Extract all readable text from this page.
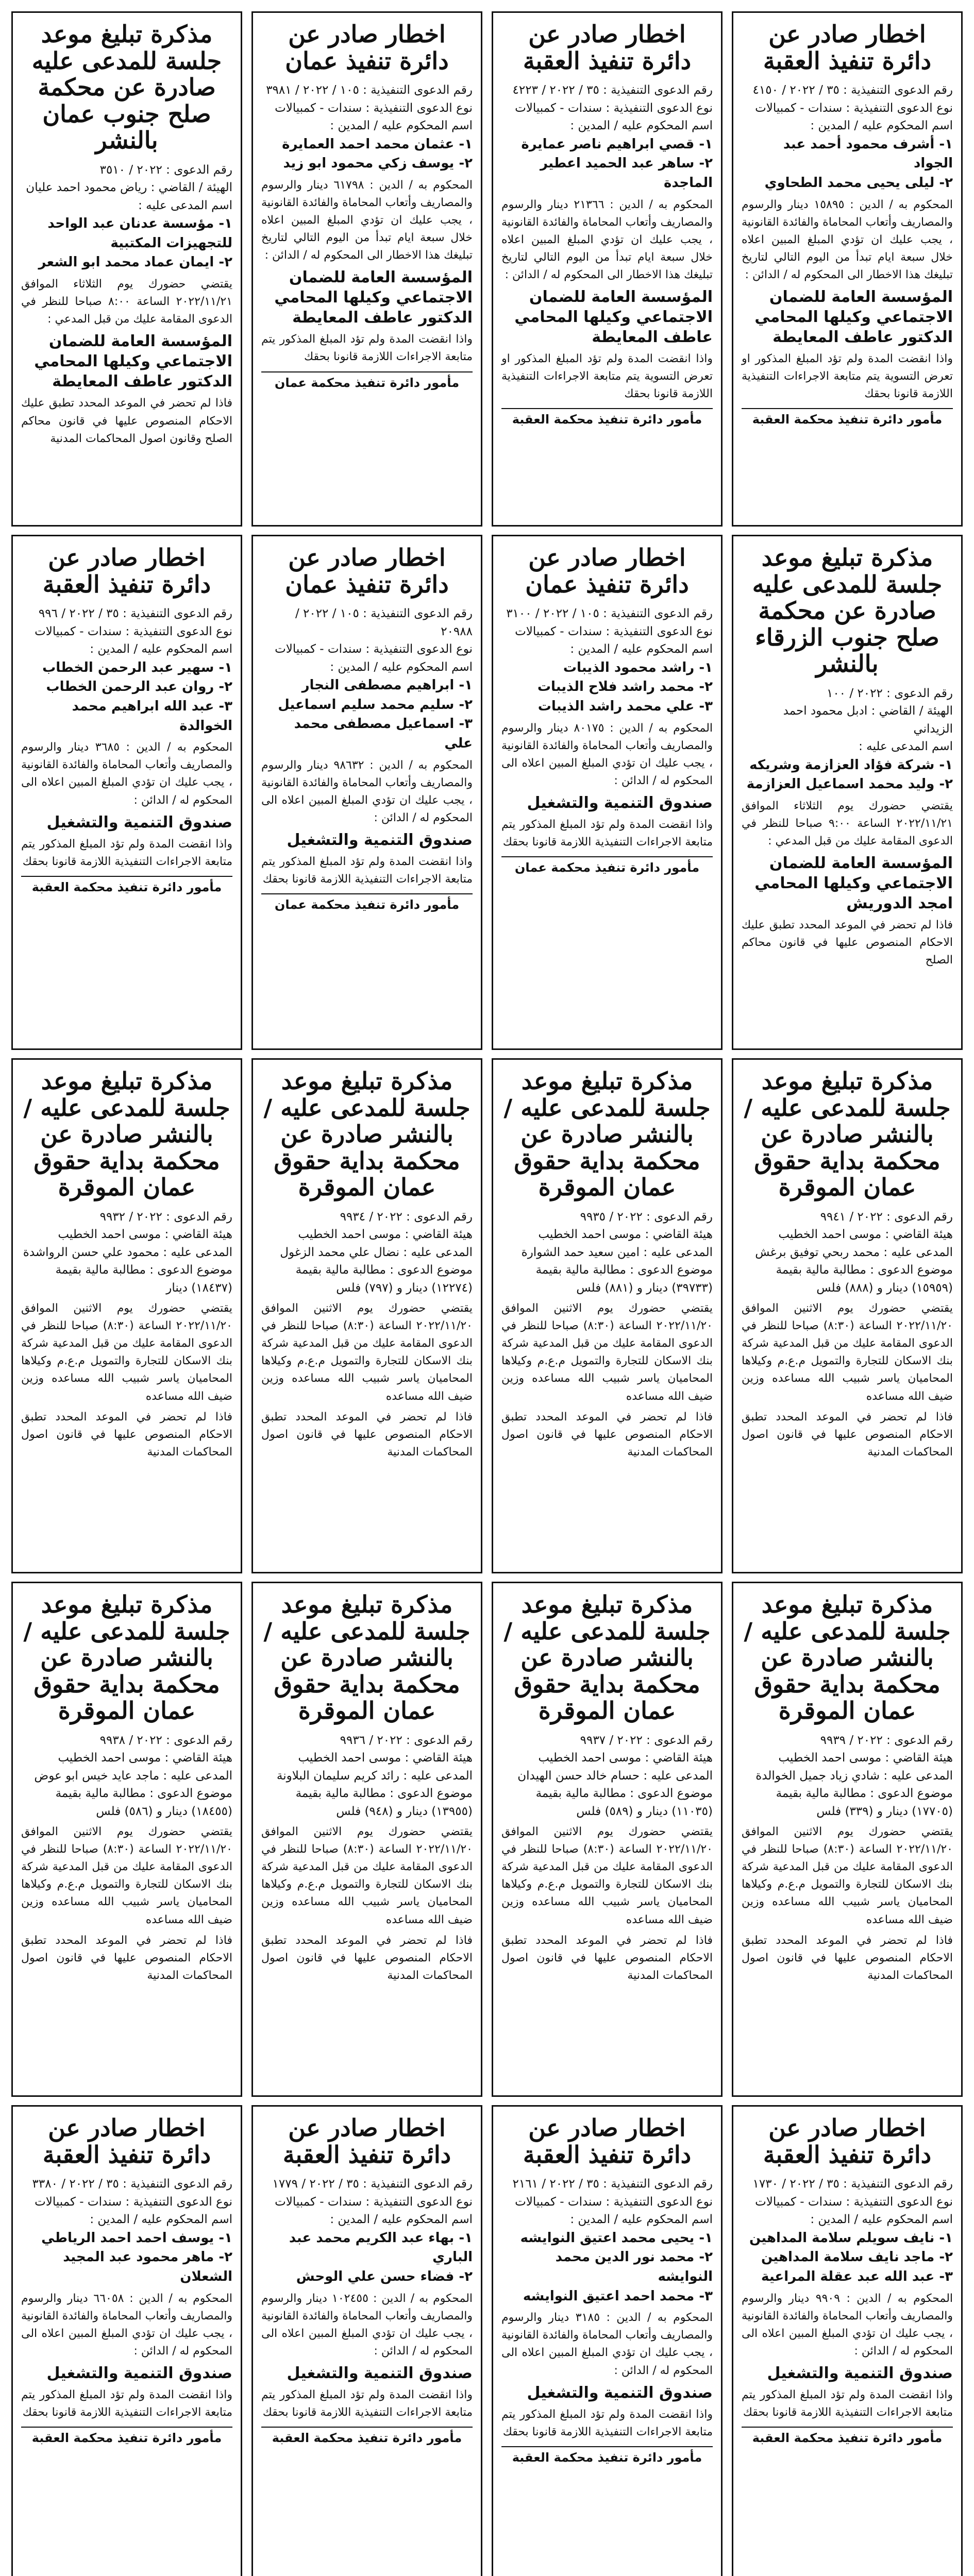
اخطار صادر عن دائرة تنفيذ العقبة
رقم الدعوى التنفيذية : ٣٥ / ٢٠٢٢ / ٤١٥٠
نوع الدعوى التنفيذية : سندات - كمبيالات
اسم المحكوم عليه / المدين :
١- أشرف محمود أحمد عبد الجواد
٢- ليلى يحيى محمد الطحاوي
المحكوم به / الدين : ١٥٨٩٥ دينار والرسوم والمصاريف وأتعاب المحاماة والفائدة القانونية ، يجب عليك ان تؤدي المبلغ المبين اعلاه خلال سبعة ايام تبدأ من اليوم التالي لتاريخ تبليغك هذا الاخطار الى المحكوم له / الدائن :
المؤسسة العامة للضمان الاجتماعي وكيلها المحامي الدكتور عاطف المعايطة
واذا انقضت المدة ولم تؤد المبلغ المذكور او تعرض التسوية يتم متابعة الاجراءات التنفيذية اللازمة قانونا بحقك
مأمور دائرة تنفيذ محكمة العقبة
اخطار صادر عن دائرة تنفيذ العقبة
رقم الدعوى التنفيذية : ٣٥ / ٢٠٢٢ / ٤٢٢٣
نوع الدعوى التنفيذية : سندات - كمبيالات
اسم المحكوم عليه / المدين :
١- قصي ابراهيم ناصر عمايرة
٢- ساهر عبد الحميد اعطير الماجدة
المحكوم به / الدين : ٢١٣٦٦ دينار والرسوم والمصاريف وأتعاب المحاماة والفائدة القانونية ، يجب عليك ان تؤدي المبلغ المبين اعلاه خلال سبعة ايام تبدأ من اليوم التالي لتاريخ تبليغك هذا الاخطار الى المحكوم له / الدائن :
المؤسسة العامة للضمان الاجتماعي وكيلها المحامي عاطف المعايطة
واذا انقضت المدة ولم تؤد المبلغ المذكور او تعرض التسوية يتم متابعة الاجراءات التنفيذية اللازمة قانونا بحقك
مأمور دائرة تنفيذ محكمة العقبة
اخطار صادر عن دائرة تنفيذ عمان
رقم الدعوى التنفيذية : ١٠٥ / ٢٠٢٢ / ٣٩٨١
نوع الدعوى التنفيذية : سندات - كمبيالات
اسم المحكوم عليه / المدين :
١- عثمان محمد احمد العمايرة
٢- يوسف زكي محمود ابو زيد
المحكوم به / الدين : ٦١٧٩٨ دينار والرسوم والمصاريف وأتعاب المحاماة والفائدة القانونية ، يجب عليك ان تؤدي المبلغ المبين اعلاه خلال سبعة ايام تبدأ من اليوم التالي لتاريخ تبليغك هذا الاخطار الى المحكوم له / الدائن :
المؤسسة العامة للضمان الاجتماعي وكيلها المحامي الدكتور عاطف المعايطة
واذا انقضت المدة ولم تؤد المبلغ المذكور يتم متابعة الاجراءات اللازمة قانونا بحقك
مأمور دائرة تنفيذ محكمة عمان
مذكرة تبليغ موعد جلسة للمدعى عليه صادرة عن محكمة صلح جنوب عمان بالنشر
رقم الدعوى : ٢٠٢٢ / ٣٥١٠
الهيئة / القاضي : رياض محمود احمد عليان
اسم المدعى عليه :
١- مؤسسة عدنان عبد الواحد للتجهيزات المكتبية
٢- ايمان عماد محمد ابو الشعر
يقتضي حضورك يوم الثلاثاء الموافق ٢٠٢٢/١١/٢١ الساعة ٨:٠٠ صباحا للنظر في الدعوى المقامة عليك من قبل المدعي :
المؤسسة العامة للضمان الاجتماعي وكيلها المحامي الدكتور عاطف المعايطة
فاذا لم تحضر في الموعد المحدد تطبق عليك الاحكام المنصوص عليها في قانون محاكم الصلح وقانون اصول المحاكمات المدنية
مذكرة تبليغ موعد جلسة للمدعى عليه صادرة عن محكمة صلح جنوب الزرقاء بالنشر
رقم الدعوى : ٢٠٢٢ / ١٠٠
الهيئة / القاضي : ادبل محمود احمد الزيداني
اسم المدعى عليه :
١- شركة فؤاد العزازمة وشريكه
٢- وليد محمد اسماعيل العزازمة
يقتضي حضورك يوم الثلاثاء الموافق ٢٠٢٢/١١/٢١ الساعة ٩:٠٠ صباحا للنظر في الدعوى المقامة عليك من قبل المدعي :
المؤسسة العامة للضمان الاجتماعي وكيلها المحامي امجد الدوريش
فاذا لم تحضر في الموعد المحدد تطبق عليك الاحكام المنصوص عليها في قانون محاكم الصلح
اخطار صادر عن دائرة تنفيذ عمان
رقم الدعوى التنفيذية : ١٠٥ / ٢٠٢٢ / ٣١٠٠
نوع الدعوى التنفيذية : سندات - كمبيالات
اسم المحكوم عليه / المدين :
١- راشد محمود الذيبات
٢- محمد راشد فلاح الذيبات
٣- علي محمد راشد الذيبات
المحكوم به / الدين : ٨٠١٧٥ دينار والرسوم والمصاريف وأتعاب المحاماة والفائدة القانونية ، يجب عليك ان تؤدي المبلغ المبين اعلاه الى المحكوم له / الدائن :
صندوق التنمية والتشغيل
واذا انقضت المدة ولم تؤد المبلغ المذكور يتم متابعة الاجراءات التنفيذية اللازمة قانونا بحقك
مأمور دائرة تنفيذ محكمة عمان
اخطار صادر عن دائرة تنفيذ عمان
رقم الدعوى التنفيذية : ١٠٥ / ٢٠٢٢ / ٢٠٩٨٨
نوع الدعوى التنفيذية : سندات - كمبيالات
اسم المحكوم عليه / المدين :
١- ابراهيم مصطفى النجار
٢- سليم محمد سليم اسماعيل
٣- اسماعيل مصطفى محمد علي
المحكوم به / الدين : ٩٨٦٣٢ دينار والرسوم والمصاريف وأتعاب المحاماة والفائدة القانونية ، يجب عليك ان تؤدي المبلغ المبين اعلاه الى المحكوم له / الدائن :
صندوق التنمية والتشغيل
واذا انقضت المدة ولم تؤد المبلغ المذكور يتم متابعة الاجراءات التنفيذية اللازمة قانونا بحقك
مأمور دائرة تنفيذ محكمة عمان
اخطار صادر عن دائرة تنفيذ العقبة
رقم الدعوى التنفيذية : ٣٥ / ٢٠٢٢ / ٩٩٦
نوع الدعوى التنفيذية : سندات - كمبيالات
اسم المحكوم عليه / المدين :
١- سهير عبد الرحمن الخطاب
٢- روان عبد الرحمن الخطاب
٣- عبد الله ابراهيم محمد الخوالدة
المحكوم به / الدين : ٣٦٨٥ دينار والرسوم والمصاريف وأتعاب المحاماة والفائدة القانونية ، يجب عليك ان تؤدي المبلغ المبين اعلاه الى المحكوم له / الدائن :
صندوق التنمية والتشغيل
واذا انقضت المدة ولم تؤد المبلغ المذكور يتم متابعة الاجراءات التنفيذية اللازمة قانونا بحقك
مأمور دائرة تنفيذ محكمة العقبة
مذكرة تبليغ موعد جلسة للمدعى عليه / بالنشر صادرة عن محكمة بداية حقوق عمان الموقرة
رقم الدعوى : ٢٠٢٢ / ٩٩٤١
هيئة القاضي : موسى احمد الخطيب
المدعى عليه : محمد ربحي توفيق برغش
موضوع الدعوى : مطالبة مالية بقيمة (١٥٩٥٩) دينار و (٨٨٨) فلس
يقتضي حضورك يوم الاثنين الموافق ٢٠٢٢/١١/٢٠ الساعة (٨:٣٠) صباحا للنظر في الدعوى المقامة عليك من قبل المدعية شركة بنك الاسكان للتجارة والتمويل م.ع.م وكيلاها المحاميان ياسر شبيب الله مساعده وزين ضيف الله مساعده
فاذا لم تحضر في الموعد المحدد تطبق الاحكام المنصوص عليها في قانون اصول المحاكمات المدنية
مذكرة تبليغ موعد جلسة للمدعى عليه / بالنشر صادرة عن محكمة بداية حقوق عمان الموقرة
رقم الدعوى : ٢٠٢٢ / ٩٩٣٥
هيئة القاضي : موسى احمد الخطيب
المدعى عليه : امين سعيد حمد الشوارة
موضوع الدعوى : مطالبة مالية بقيمة (٣٩٧٣٣) دينار و (٨٨١) فلس
يقتضي حضورك يوم الاثنين الموافق ٢٠٢٢/١١/٢٠ الساعة (٨:٣٠) صباحا للنظر في الدعوى المقامة عليك من قبل المدعية شركة بنك الاسكان للتجارة والتمويل م.ع.م وكيلاها المحاميان ياسر شبيب الله مساعده وزين ضيف الله مساعده
فاذا لم تحضر في الموعد المحدد تطبق الاحكام المنصوص عليها في قانون اصول المحاكمات المدنية
مذكرة تبليغ موعد جلسة للمدعى عليه / بالنشر صادرة عن محكمة بداية حقوق عمان الموقرة
رقم الدعوى : ٢٠٢٢ / ٩٩٣٤
هيئة القاضي : موسى احمد الخطيب
المدعى عليه : نضال علي محمد الزغول
موضوع الدعوى : مطالبة مالية بقيمة (١٢٢٧٤) دينار و (٧٩٧) فلس
يقتضي حضورك يوم الاثنين الموافق ٢٠٢٢/١١/٢٠ الساعة (٨:٣٠) صباحا للنظر في الدعوى المقامة عليك من قبل المدعية شركة بنك الاسكان للتجارة والتمويل م.ع.م وكيلاها المحاميان ياسر شبيب الله مساعده وزين ضيف الله مساعده
فاذا لم تحضر في الموعد المحدد تطبق الاحكام المنصوص عليها في قانون اصول المحاكمات المدنية
مذكرة تبليغ موعد جلسة للمدعى عليه / بالنشر صادرة عن محكمة بداية حقوق عمان الموقرة
رقم الدعوى : ٢٠٢٢ / ٩٩٣٢
هيئة القاضي : موسى احمد الخطيب
المدعى عليه : محمود علي حسن الرواشدة
موضوع الدعوى : مطالبة مالية بقيمة (١٨٤٣٧) دينار
يقتضي حضورك يوم الاثنين الموافق ٢٠٢٢/١١/٢٠ الساعة (٨:٣٠) صباحا للنظر في الدعوى المقامة عليك من قبل المدعية شركة بنك الاسكان للتجارة والتمويل م.ع.م وكيلاها المحاميان ياسر شبيب الله مساعده وزين ضيف الله مساعده
فاذا لم تحضر في الموعد المحدد تطبق الاحكام المنصوص عليها في قانون اصول المحاكمات المدنية
مذكرة تبليغ موعد جلسة للمدعى عليه / بالنشر صادرة عن محكمة بداية حقوق عمان الموقرة
رقم الدعوى : ٢٠٢٢ / ٩٩٣٩
هيئة القاضي : موسى احمد الخطيب
المدعى عليه : شادي زياد جميل الخوالدة
موضوع الدعوى : مطالبة مالية بقيمة (١٧٧٠٥) دينار و (٣٣٩) فلس
يقتضي حضورك يوم الاثنين الموافق ٢٠٢٢/١١/٢٠ الساعة (٨:٣٠) صباحا للنظر في الدعوى المقامة عليك من قبل المدعية شركة بنك الاسكان للتجارة والتمويل م.ع.م وكيلاها المحاميان ياسر شبيب الله مساعده وزين ضيف الله مساعده
فاذا لم تحضر في الموعد المحدد تطبق الاحكام المنصوص عليها في قانون اصول المحاكمات المدنية
مذكرة تبليغ موعد جلسة للمدعى عليه / بالنشر صادرة عن محكمة بداية حقوق عمان الموقرة
رقم الدعوى : ٢٠٢٢ / ٩٩٣٧
هيئة القاضي : موسى احمد الخطيب
المدعى عليه : حسام خالد حسن الهيدان
موضوع الدعوى : مطالبة مالية بقيمة (١١٠٣٥) دينار و (٥٨٩) فلس
يقتضي حضورك يوم الاثنين الموافق ٢٠٢٢/١١/٢٠ الساعة (٨:٣٠) صباحا للنظر في الدعوى المقامة عليك من قبل المدعية شركة بنك الاسكان للتجارة والتمويل م.ع.م وكيلاها المحاميان ياسر شبيب الله مساعده وزين ضيف الله مساعده
فاذا لم تحضر في الموعد المحدد تطبق الاحكام المنصوص عليها في قانون اصول المحاكمات المدنية
مذكرة تبليغ موعد جلسة للمدعى عليه / بالنشر صادرة عن محكمة بداية حقوق عمان الموقرة
رقم الدعوى : ٢٠٢٢ / ٩٩٣٦
هيئة القاضي : موسى احمد الخطيب
المدعى عليه : رائد كريم سليمان البلاونة
موضوع الدعوى : مطالبة مالية بقيمة (١٣٩٥٥) دينار و (٩٤٨) فلس
يقتضي حضورك يوم الاثنين الموافق ٢٠٢٢/١١/٢٠ الساعة (٨:٣٠) صباحا للنظر في الدعوى المقامة عليك من قبل المدعية شركة بنك الاسكان للتجارة والتمويل م.ع.م وكيلاها المحاميان ياسر شبيب الله مساعده وزين ضيف الله مساعده
فاذا لم تحضر في الموعد المحدد تطبق الاحكام المنصوص عليها في قانون اصول المحاكمات المدنية
مذكرة تبليغ موعد جلسة للمدعى عليه / بالنشر صادرة عن محكمة بداية حقوق عمان الموقرة
رقم الدعوى : ٢٠٢٢ / ٩٩٣٨
هيئة القاضي : موسى احمد الخطيب
المدعى عليه : ماجد عايد خيس ابو عوض
موضوع الدعوى : مطالبة مالية بقيمة (١٨٤٥٥) دينار و (٥٨٦) فلس
يقتضي حضورك يوم الاثنين الموافق ٢٠٢٢/١١/٢٠ الساعة (٨:٣٠) صباحا للنظر في الدعوى المقامة عليك من قبل المدعية شركة بنك الاسكان للتجارة والتمويل م.ع.م وكيلاها المحاميان ياسر شبيب الله مساعده وزين ضيف الله مساعده
فاذا لم تحضر في الموعد المحدد تطبق الاحكام المنصوص عليها في قانون اصول المحاكمات المدنية
اخطار صادر عن دائرة تنفيذ العقبة
رقم الدعوى التنفيذية : ٣٥ / ٢٠٢٢ / ١٧٣٠
نوع الدعوى التنفيذية : سندات - كمبيالات
اسم المحكوم عليه / المدين :
١- نايف سويلم سلامة المداهين
٢- ماجد نايف سلامة المداهين
٣- عبد الله عبد عقلة المراعية
المحكوم به / الدين : ٩٩٠٩ دينار والرسوم والمصاريف وأتعاب المحاماة والفائدة القانونية ، يجب عليك ان تؤدي المبلغ المبين اعلاه الى المحكوم له / الدائن :
صندوق التنمية والتشغيل
واذا انقضت المدة ولم تؤد المبلغ المذكور يتم متابعة الاجراءات التنفيذية اللازمة قانونا بحقك
مأمور دائرة تنفيذ محكمة العقبة
اخطار صادر عن دائرة تنفيذ العقبة
رقم الدعوى التنفيذية : ٣٥ / ٢٠٢٢ / ٢١٦١
نوع الدعوى التنفيذية : سندات - كمبيالات
اسم المحكوم عليه / المدين :
١- يحيى محمد اعتيق النوايشه
٢- محمد نور الدين محمد النوايشه
٣- محمد احمد اعتيق النوايشه
المحكوم به / الدين : ٣١٨٥ دينار والرسوم والمصاريف وأتعاب المحاماة والفائدة القانونية ، يجب عليك ان تؤدي المبلغ المبين اعلاه الى المحكوم له / الدائن :
صندوق التنمية والتشغيل
واذا انقضت المدة ولم تؤد المبلغ المذكور يتم متابعة الاجراءات التنفيذية اللازمة قانونا بحقك
مأمور دائرة تنفيذ محكمة العقبة
اخطار صادر عن دائرة تنفيذ العقبة
رقم الدعوى التنفيذية : ٣٥ / ٢٠٢٢ / ١٧٧٩
نوع الدعوى التنفيذية : سندات - كمبيالات
اسم المحكوم عليه / المدين :
١- بهاء عبد الكريم محمد عبد الباري
٢- فضاء حسن علي الوحش
المحكوم به / الدين : ١٠٢٤٥٥ دينار والرسوم والمصاريف وأتعاب المحاماة والفائدة القانونية ، يجب عليك ان تؤدي المبلغ المبين اعلاه الى المحكوم له / الدائن :
صندوق التنمية والتشغيل
واذا انقضت المدة ولم تؤد المبلغ المذكور يتم متابعة الاجراءات التنفيذية اللازمة قانونا بحقك
مأمور دائرة تنفيذ محكمة العقبة
اخطار صادر عن دائرة تنفيذ العقبة
رقم الدعوى التنفيذية : ٣٥ / ٢٠٢٢ / ٣٣٨٠
نوع الدعوى التنفيذية : سندات - كمبيالات
اسم المحكوم عليه / المدين :
١- يوسف احمد احمد الرياطي
٢- ماهر محمود عبد المجيد الشعلان
المحكوم به / الدين : ٦٦٠٥٨ دينار والرسوم والمصاريف وأتعاب المحاماة والفائدة القانونية ، يجب عليك ان تؤدي المبلغ المبين اعلاه الى المحكوم له / الدائن :
صندوق التنمية والتشغيل
واذا انقضت المدة ولم تؤد المبلغ المذكور يتم متابعة الاجراءات التنفيذية اللازمة قانونا بحقك
مأمور دائرة تنفيذ محكمة العقبة
